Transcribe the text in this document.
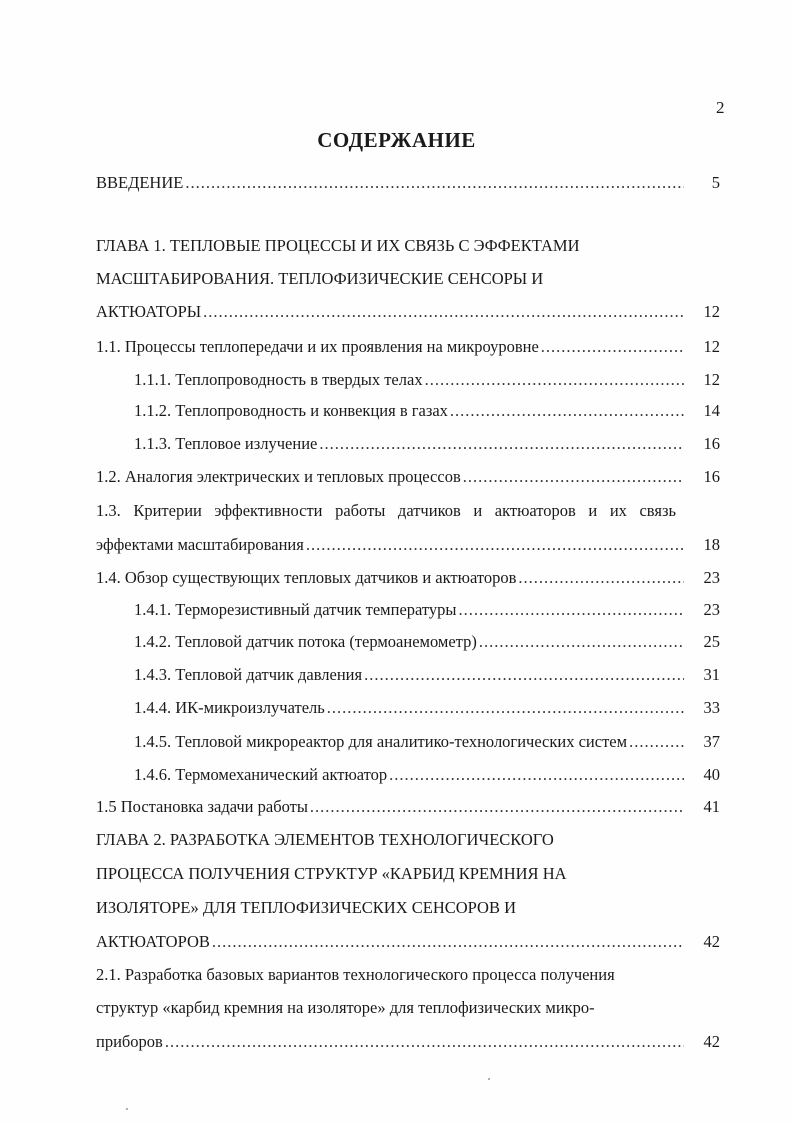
2
СОДЕРЖАНИЕ
ВВЕДЕНИЕ .....	5
ГЛАВА 1. ТЕПЛОВЫЕ ПРОЦЕССЫ И ИХ СВЯЗЬ С ЭФФЕКТАМИ
МАСШТАБИРОВАНИЯ. ТЕПЛОФИЗИЧЕСКИЕ СЕНСОРЫ И
АКТЮАТОРЫ .....	12
1.1. Процессы теплопередачи и их проявления на микроуровне .....	12
1.1.1. Теплопроводность в твердых телах .....	12
1.1.2. Теплопроводность и конвекция в газах .....	14
1.1.3. Тепловое излучение .....	16
1.2. Аналогия электрических и тепловых процессов .....	16
1.3. Критерии эффективности работы датчиков и актюаторов и их связь
эффектами масштабирования .....	18
1.4. Обзор существующих тепловых датчиков и актюаторов .....	23
1.4.1. Терморезистивный датчик температуры .....	23
1.4.2. Тепловой датчик потока (термоанемометр) .....	25
1.4.3. Тепловой датчик давления .....	31
1.4.4. ИК-микроизлучатель .....	33
1.4.5. Тепловой микрореактор для аналитико-технологических систем .....	37
1.4.6. Термомеханический актюатор .....	40
1.5 Постановка задачи работы .....	41
ГЛАВА 2. РАЗРАБОТКА ЭЛЕМЕНТОВ ТЕХНОЛОГИЧЕСКОГО
ПРОЦЕССА ПОЛУЧЕНИЯ СТРУКТУР «КАРБИД КРЕМНИЯ НА
ИЗОЛЯТОРЕ» ДЛЯ ТЕПЛОФИЗИЧЕСКИХ СЕНСОРОВ И
АКТЮАТОРОВ .....	42
2.1. Разработка базовых вариантов технологического процесса получения
структур «карбид кремния на изоляторе» для теплофизических микро-
приборов .....	42
